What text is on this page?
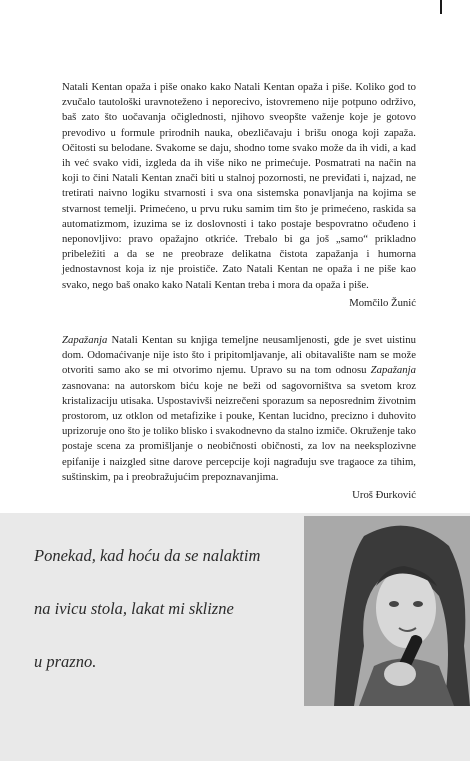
Natali Kentan opaža i piše onako kako Natali Kentan opaža i piše. Koliko god to zvučalo tautološki uravnoteženo i neporecivo, istovremeno nije potpuno održivo, baš zato što uočavanja očiglednosti, njihovo sveopšte važenje koje je gotovo prevodivo u formule prirodnih nauka, obezličavaju i brišu onoga koji zapaža. Očitosti su belodane. Svakome se daju, shodno tome svako može da ih vidi, a kad ih već svako vidi, izgleda da ih više niko ne primećuje. Posmatrati na način na koji to čini Natali Kentan znači biti u stalnoj pozornosti, ne previđati i, najzad, ne tretirati naivno logiku stvarnosti i sva ona sistemska ponavljanja na kojima se stvarnost temelji. Primećeno, u prvu ruku samim tim što je primećeno, raskida sa automatizmom, izuzima se iz doslovnosti i tako postaje bespovratno očuđeno i neponovljivo: pravo opažajno otkriće. Trebalo bi ga još „samo“ prikladno pribeležiti a da se ne preobraze delikatna čistota zapažanja i humorna jednostavnost koja iz nje proističe. Zato Natali Kentan ne opaža i ne piše kao svako, nego baš onako kako Natali Kentan treba i mora da opaža i piše.

Momčilo Žunić

Zapažanja Natali Kentan su knjiga temeljne neusamljenosti, gde je svet uistinu dom. Odomaćivanje nije isto što i pripitomljavanje, ali obitavalište nam se može otvoriti samo ako se mi otvorimo njemu. Upravo su na tom odnosu Zapažanja zasnovana: na autorskom biću koje ne beži od sagovorništva sa svetom kroz kristalizaciju utisaka. Uspostavivši neizrečeni sporazum sa neposrednim životnim prostorom, uz otklon od metafizike i pouke, Kentan lucidno, precizno i duhovito uprizoruje ono što je toliko blisko i svakodnevno da stalno izmiče. Okruženje tako postaje scena za promišljanje o neobičnosti običnosti, za lov na neeksplozivne epifanije i naizgled sitne darove percepcije koji nagrađuju sve tragaoce za tihim, suštinskim, pa i preobražujućim prepoznavanjima.

Uroš Đurković

Ponekad, kad hoću da se nalaktim
na ivicu stola, lakat mi sklizne
u prazno.
